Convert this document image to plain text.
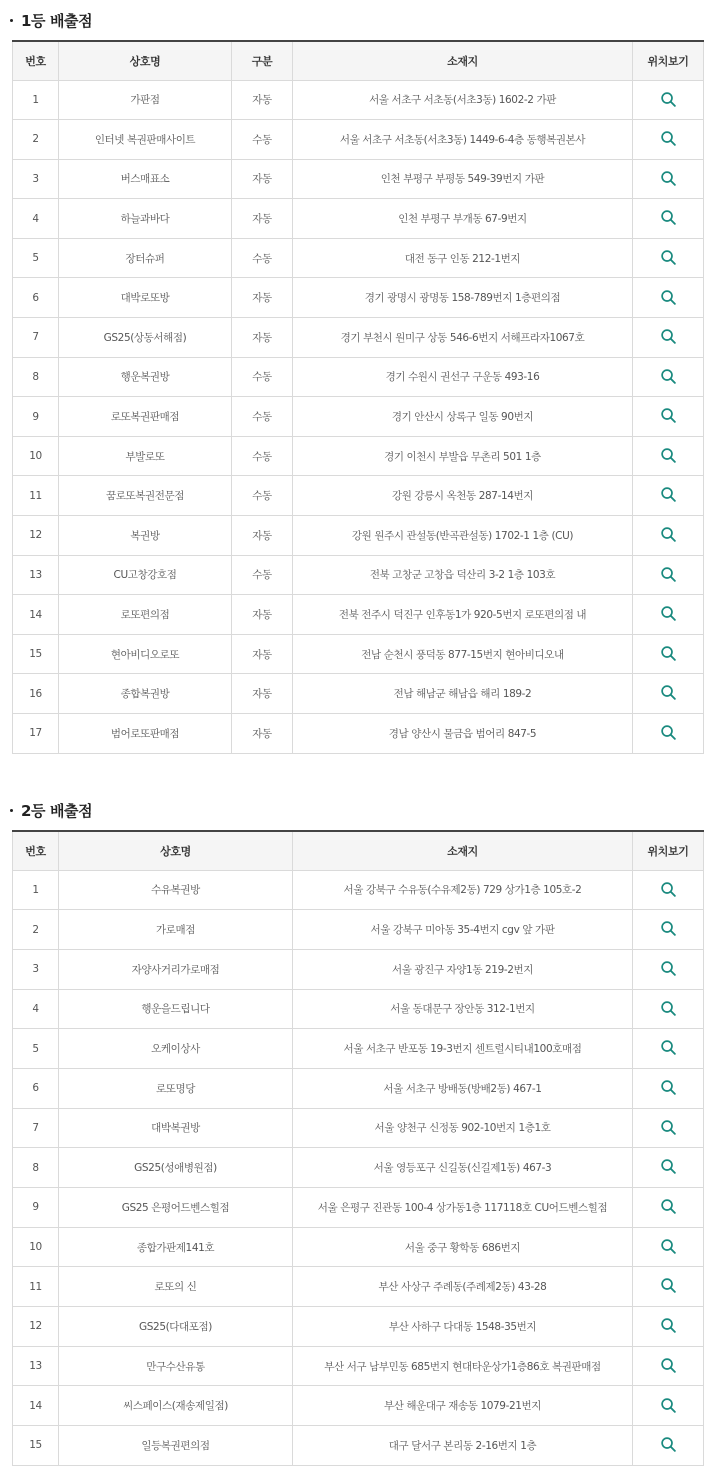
1등 배출점
번호	상호명	구분	소재지	위치보기
1	가판점	자동	서울 서초구 서초동(서초3동) 1602-2 가판	

2	인터넷 복권판매사이트	수동	서울 서초구 서초동(서초3동) 1449-6-4층 동행복권본사	

3	버스매표소	자동	인천 부평구 부평동 549-39번지 가판	

4	하늘과바다	자동	인천 부평구 부개동 67-9번지	

5	장터슈퍼	수동	대전 동구 인동 212-1번지	

6	대박로또방	자동	경기 광명시 광명동 158-789번지 1층편의점	

7	GS25(상동서해점)	자동	경기 부천시 원미구 상동 546-6번지 서해프라자1067호	

8	행운복권방	수동	경기 수원시 권선구 구운동 493-16	

9	로또복권판매점	수동	경기 안산시 상록구 일동 90번지	

10	부발로또	수동	경기 이천시 부발읍 무촌리 501 1층	

11	꿈로또복권전문점	수동	강원 강릉시 옥천동 287-14번지	

12	복권방	자동	강원 원주시 관설동(반곡관설동) 1702-1 1층 (CU)	

13	CU고창강호점	수동	전북 고창군 고창읍 덕산리 3-2 1층 103호	

14	로또편의점	자동	전북 전주시 덕진구 인후동1가 920-5번지 로또편의점 내	

15	현아비디오로또	자동	전남 순천시 풍덕동 877-15번지 현아비디오내	

16	종합복권방	자동	전남 해남군 해남읍 해리 189-2	

17	범어로또판매점	자동	경남 양산시 물금읍 범어리 847-5	
2등 배출점
번호	상호명	소재지	위치보기
1	수유복권방	서울 강북구 수유동(수유제2동) 729 상가1층 105호-2	

2	가로매점	서울 강북구 미아동 35-4번지 cgv 앞 가판	

3	자양사거리가로매점	서울 광진구 자양1동 219-2번지	

4	행운을드립니다	서울 동대문구 장안동 312-1번지	

5	오케이상사	서울 서초구 반포동 19-3번지 센트럴시티내100호매점	

6	로또명당	서울 서초구 방배동(방배2동) 467-1	

7	대박복권방	서울 양천구 신정동 902-10번지 1층1호	

8	GS25(성애병원점)	서울 영등포구 신길동(신길제1동) 467-3	

9	GS25 은평어드벤스힐점	서울 은평구 진관동 100-4 상가동1층 117118호 CU어드벤스힐점	

10	종합가판제141호	서울 중구 황학동 686번지	

11	로또의 신	부산 사상구 주례동(주례제2동) 43-28	

12	GS25(다대포점)	부산 사하구 다대동 1548-35번지	

13	만구수산유통	부산 서구 남부민동 685번지 현대타운상가1층86호 복권판매점	

14	씨스페이스(재송제일점)	부산 해운대구 재송동 1079-21번지	

15	일등복권편의점	대구 달서구 본리동 2-16번지 1층	
